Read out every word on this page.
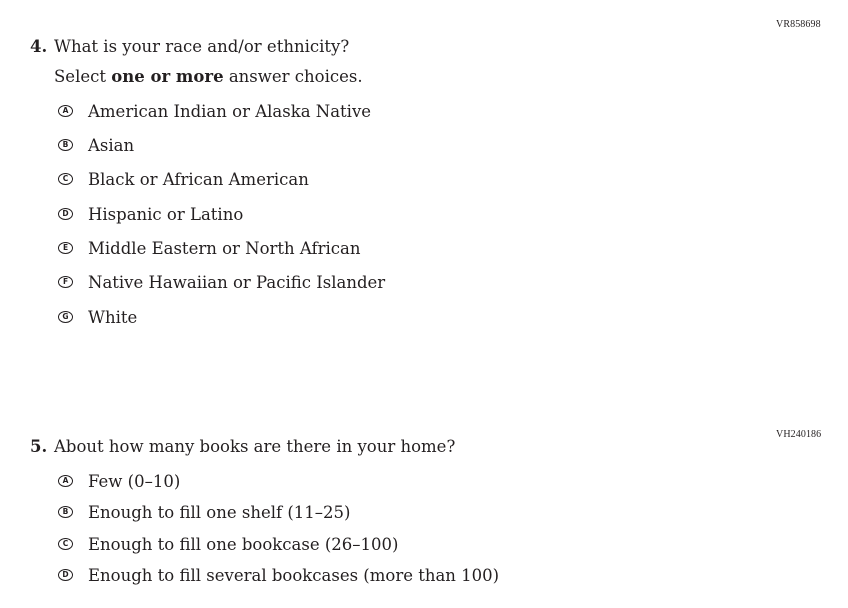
VR858698
4. What is your race and/or ethnicity?
Select one or more answer choices.
A American Indian or Alaska Native
B Asian
C Black or African American
D Hispanic or Latino
E Middle Eastern or North African
F Native Hawaiian or Pacific Islander
G White
VH240186
5. About how many books are there in your home?
A Few (0–10)
B Enough to fill one shelf (11–25)
C Enough to fill one bookcase (26–100)
D Enough to fill several bookcases (more than 100)
